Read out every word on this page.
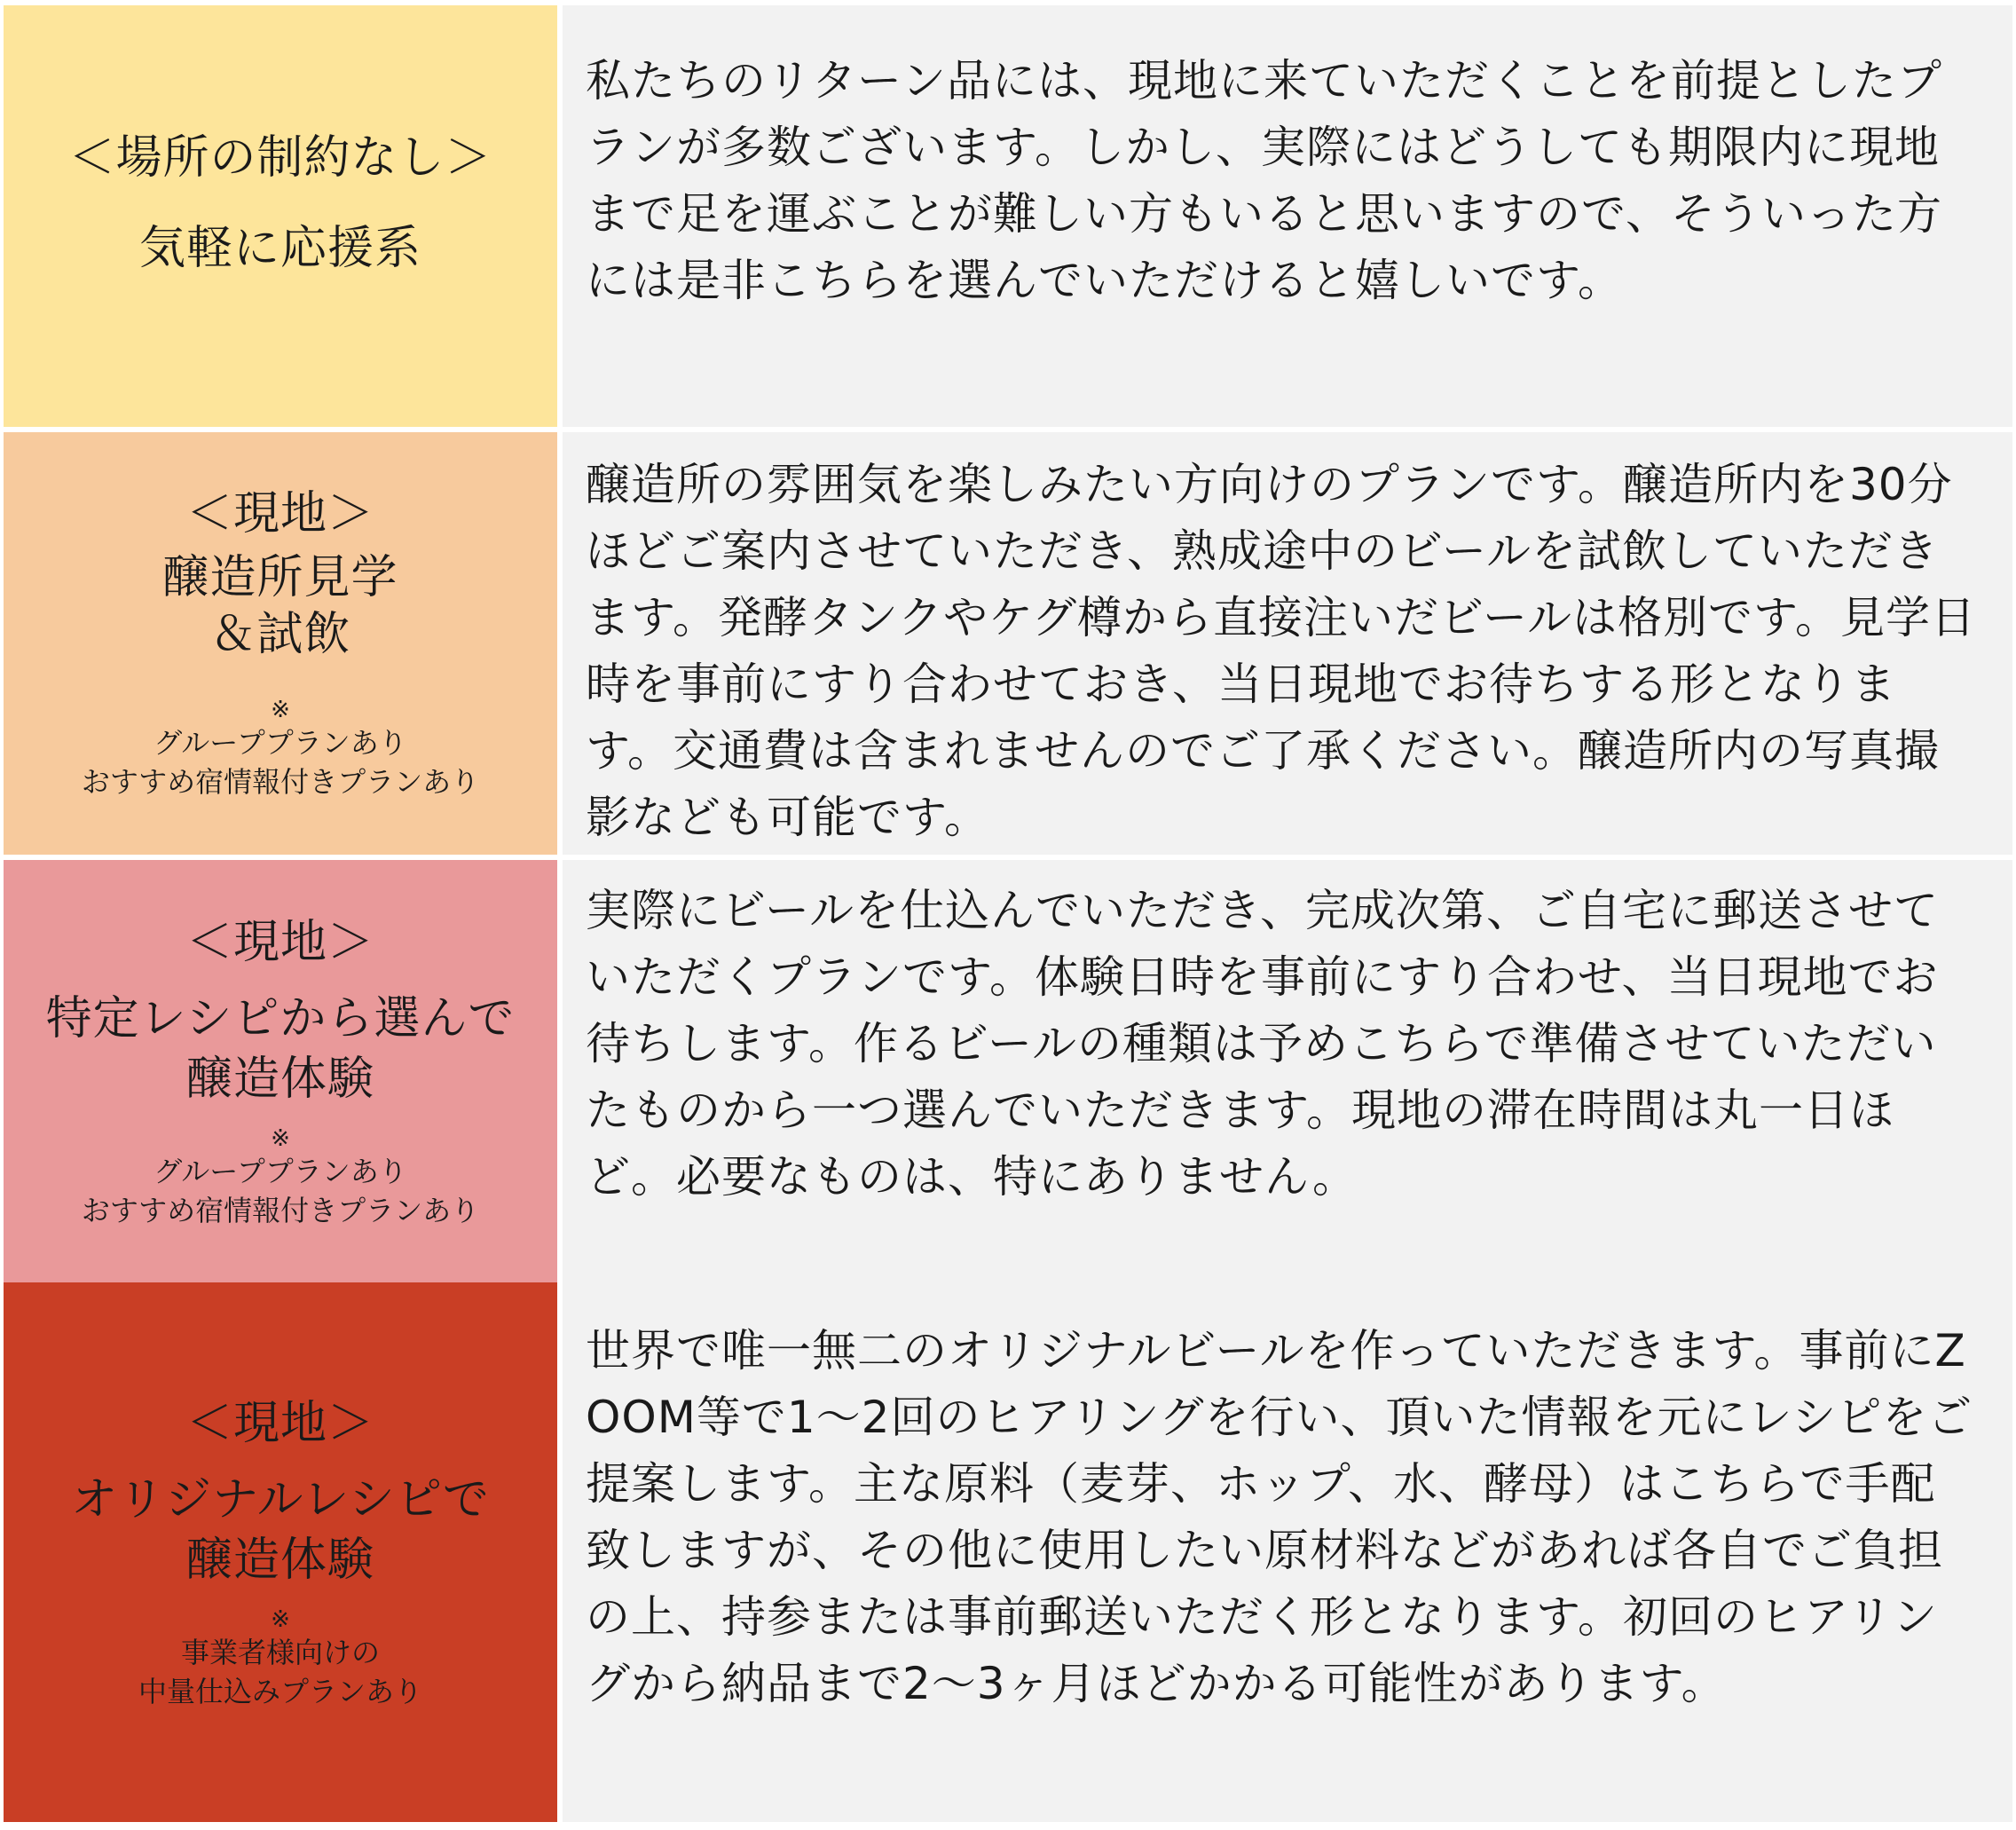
＜場所の制約なし＞
気軽に応援系
私たちのリターン品には、現地に来ていただくことを前提としたプランが多数ございます。しかし、実際にはどうしても期限内に現地まで足を運ぶことが難しい方もいると思いますので、そういった方には是非こちらを選んでいただけると嬉しいです。
＜現地＞
醸造所見学
＆試飲
※
グループプランあり
おすすめ宿情報付きプランあり
醸造所の雰囲気を楽しみたい方向けのプランです。醸造所内を30分ほどご案内させていただき、熟成途中のビールを試飲していただきます。発酵タンクやケグ樽から直接注いだビールは格別です。見学日時を事前にすり合わせておき、当日現地でお待ちする形となります。交通費は含まれませんのでご了承ください。醸造所内の写真撮影なども可能です。
＜現地＞
特定レシピから選んで
醸造体験
※
グループプランあり
おすすめ宿情報付きプランあり
実際にビールを仕込んでいただき、完成次第、ご自宅に郵送させていただくプランです。体験日時を事前にすり合わせ、当日現地でお待ちします。作るビールの種類は予めこちらで準備させていただいたものから一つ選んでいただきます。現地の滞在時間は丸一日ほど。必要なものは、特にありません。
＜現地＞
オリジナルレシピで
醸造体験
※
事業者様向けの
中量仕込みプランあり
世界で唯一無二のオリジナルビールを作っていただきます。事前にZOOM等で1〜2回のヒアリングを行い、頂いた情報を元にレシピをご提案します。主な原料（麦芽、ホップ、水、酵母）はこちらで手配致しますが、その他に使用したい原材料などがあれば各自でご負担の上、持参または事前郵送いただく形となります。初回のヒアリングから納品まで2〜3ヶ月ほどかかる可能性があります。
